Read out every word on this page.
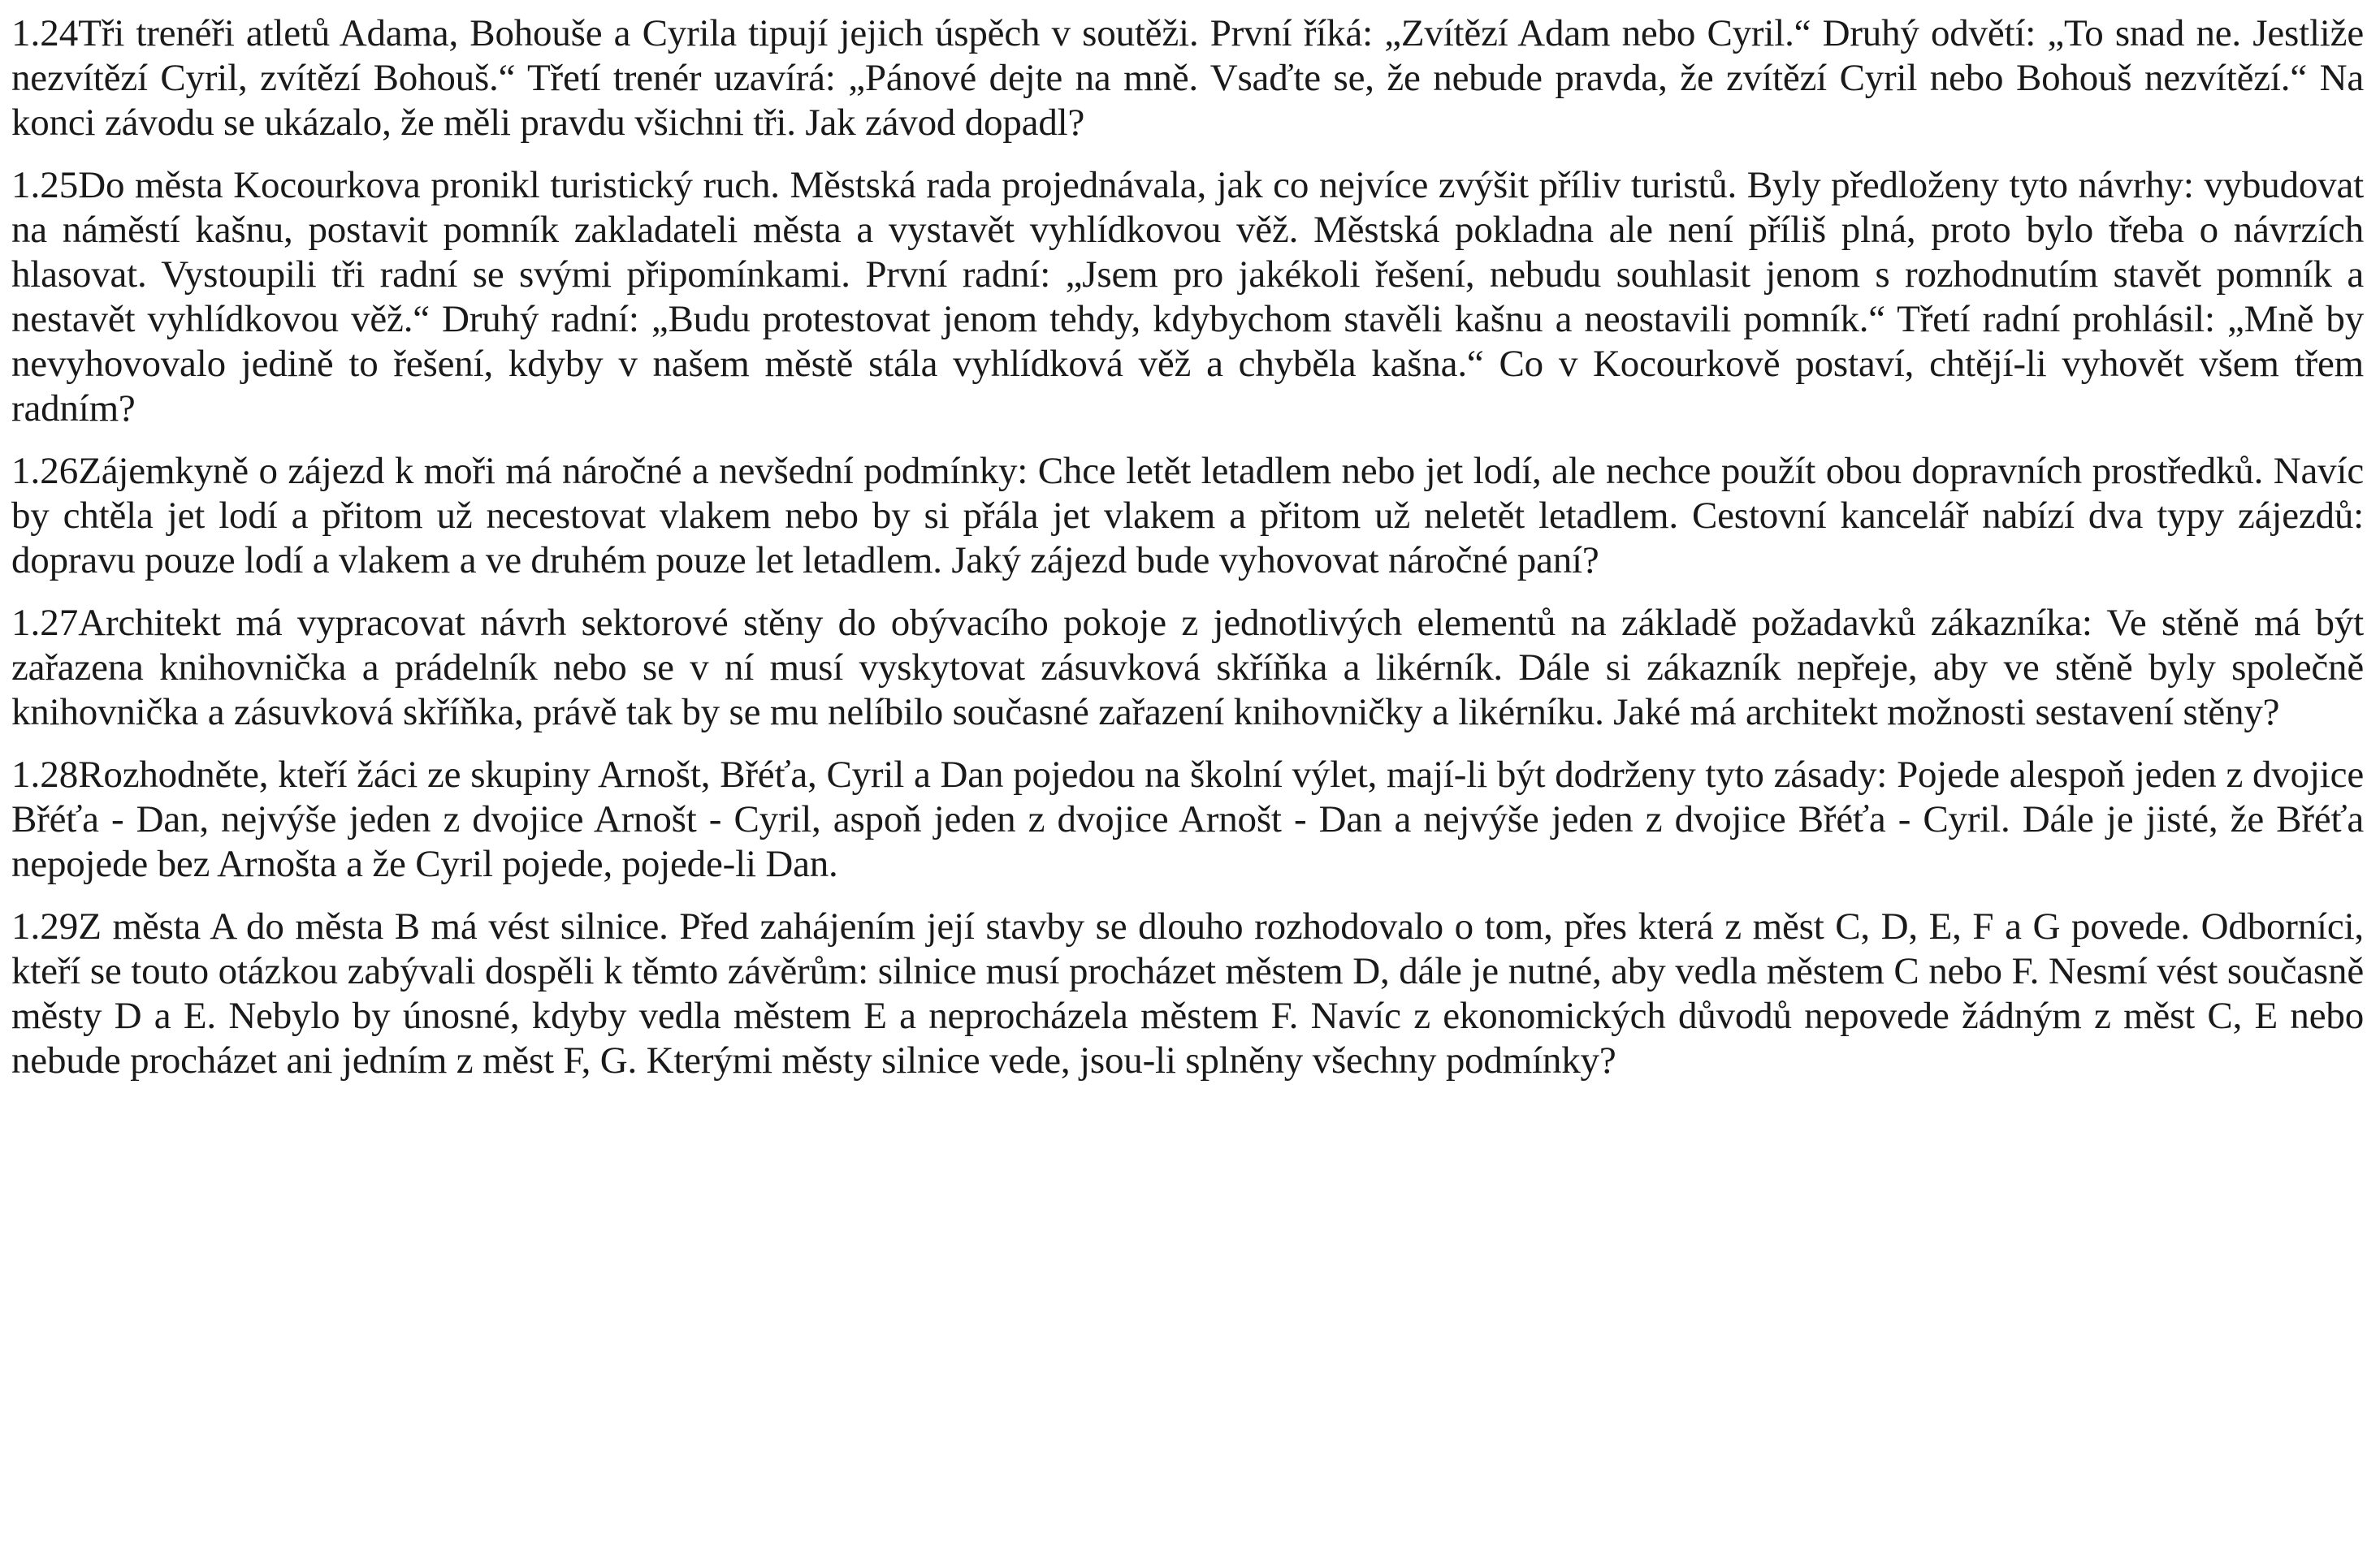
1.24Tři trenéři atletů Adama, Bohouše a Cyrila tipují jejich úspěch v soutěži. První říká: „Zvítězí Adam nebo Cyril.“ Druhý odvětí: „To snad ne. Jestliže nezvítězí Cyril, zvítězí Bohouš.“ Třetí trenér uzavírá: „Pánové dejte na mně. Vsaďte se, že nebude pravda, že zvítězí Cyril nebo Bohouš nezvítězí.“ Na konci závodu se ukázalo, že měli pravdu všichni tři. Jak závod dopadl?

1.25Do města Kocourkova pronikl turistický ruch. Městská rada projednávala, jak co nejvíce zvýšit příliv turistů. Byly předloženy tyto návrhy: vybudovat na náměstí kašnu, postavit pomník zakladateli města a vystavět vyhlídkovou věž. Městská pokladna ale není příliš plná, proto bylo třeba o návrzích hlasovat. Vystoupili tři radní se svými připomínkami. První radní: „Jsem pro jakékoli řešení, nebudu souhlasit jenom s rozhodnutím stavět pomník a nestavět vyhlídkovou věž.“ Druhý radní: „Budu protestovat jenom tehdy, kdybychom stavěli kašnu a neostavili pomník.“ Třetí radní prohlásil: „Mně by nevyhovovalo jedině to řešení, kdyby v našem městě stála vyhlídková věž a chyběla kašna.“ Co v Kocourkově postaví, chtějí-li vyhovět všem třem radním?

1.26Zájemkyně o zájezd k moři má náročné a nevšední podmínky: Chce letět letadlem nebo jet lodí, ale nechce použít obou dopravních prostředků. Navíc by chtěla jet lodí a přitom už necestovat vlakem nebo by si přála jet vlakem a přitom už neletět letadlem. Cestovní kancelář nabízí dva typy zájezdů: dopravu pouze lodí a vlakem a ve druhém pouze let letadlem. Jaký zájezd bude vyhovovat náročné paní?

1.27Architekt má vypracovat návrh sektorové stěny do obývacího pokoje z jednotlivých elementů na základě požadavků zákazníka: Ve stěně má být zařazena knihovnička a prádelník nebo se v ní musí vyskytovat zásuvková skříňka a likérník. Dále si zákazník nepřeje, aby ve stěně byly společně knihovnička a zásuvková skříňka, právě tak by se mu nelíbilo současné zařazení knihovničky a likérníku. Jaké má architekt možnosti sestavení stěny?

1.28Rozhodněte, kteří žáci ze skupiny Arnošt, Břéťa, Cyril a Dan pojedou na školní výlet, mají-li být dodrženy tyto zásady: Pojede alespoň jeden z dvojice Břéťa - Dan, nejvýše jeden z dvojice Arnošt - Cyril, aspoň jeden z dvojice Arnošt - Dan a nejvýše jeden z dvojice Břéťa - Cyril. Dále je jisté, že Břéťa nepojede bez Arnošta a že Cyril pojede, pojede-li Dan.

1.29Z města A do města B má vést silnice. Před zahájením její stavby se dlouho rozhodovalo o tom, přes která z měst C, D, E, F a G povede. Odborníci, kteří se touto otázkou zabývali dospěli k těmto závěrům: silnice musí procházet městem D, dále je nutné, aby vedla městem C nebo F. Nesmí vést současně městy D a E. Nebylo by únosné, kdyby vedla městem E a neprocházela městem F. Navíc z ekonomických důvodů nepovede žádným z měst C, E nebo nebude procházet ani jedním z měst F, G. Kterými městy silnice vede, jsou-li splněny všechny podmínky?
